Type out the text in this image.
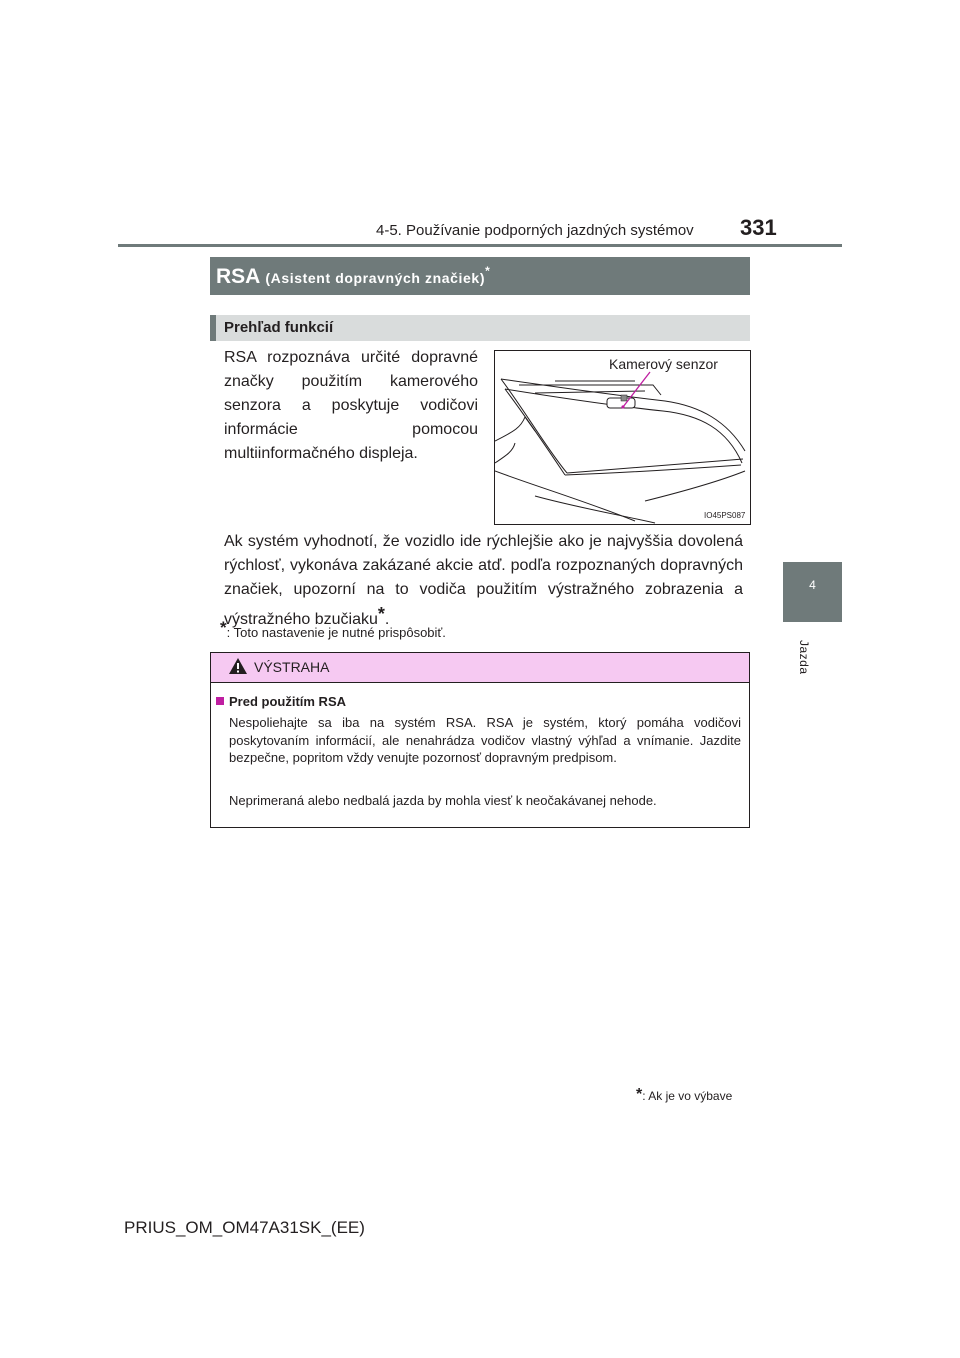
4-5. Používanie podporných jazdných systémov 331
4
Jazda
RSA (Asistent dopravných značiek)*
Prehľad funkcií
RSA rozpoznáva určité dopravné značky použitím kamerového senzora a poskytuje vodičovi informácie pomocou multiinformačného displeja.
Kamerový senzor
IO45PS087
Ak systém vyhodnotí, že vozidlo ide rýchlejšie ako je najvyššia dovolená rýchlosť, vykonáva zakázané akcie atď. podľa rozpoznaných dopravných značiek, upozorní na to vodiča použitím výstražného zobrazenia a výstražného bzučiaku*.
*: Toto nastavenie je nutné prispôsobiť.
VÝSTRAHA
Pred použitím RSA
Nespoliehajte sa iba na systém RSA. RSA je systém, ktorý pomáha vodičovi poskytovaním informácií, ale nenahrádza vodičov vlastný výhľad a vnímanie. Jazdite bezpečne, popritom vždy venujte pozornosť dopravným predpisom.
Neprimeraná alebo nedbalá jazda by mohla viesť k neočakávanej nehode.
*: Ak je vo výbave
PRIUS_OM_OM47A31SK_(EE)
